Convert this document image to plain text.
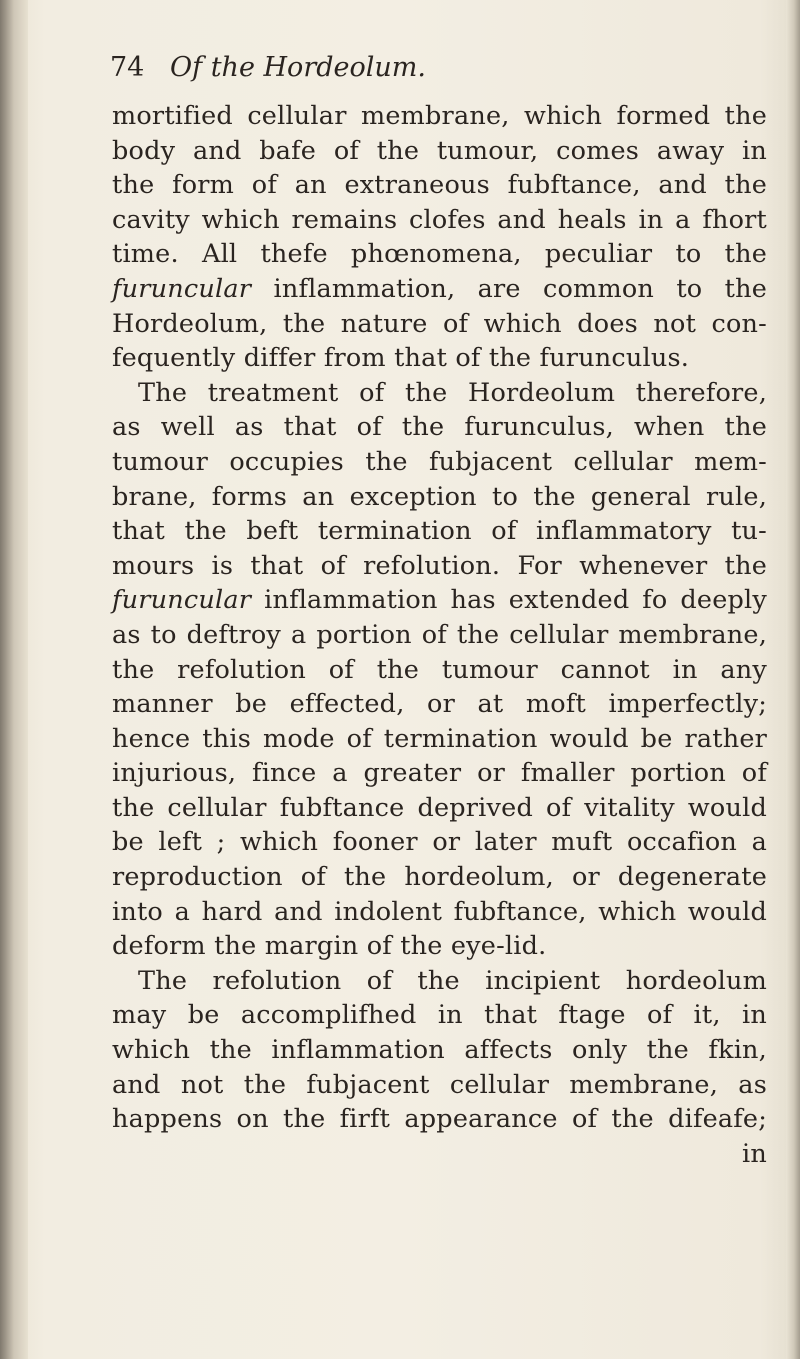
74 Of the Hordeolum.
mortified cellular membrane, which formed the
body and bafe of the tumour, comes away in
the form of an extraneous fubftance, and the
cavity which remains clofes and heals in a fhort
time. All thefe phœnomena, peculiar to the
furuncular inflammation, are common to the
Hordeolum, the nature of which does not con-
fequently differ from that of the furunculus.
The treatment of the Hordeolum therefore,
as well as that of the furunculus, when the
tumour occupies the fubjacent cellular mem-
brane, forms an exception to the general rule,
that the beft termination of inflammatory tu-
mours is that of refolution. For whenever the
furuncular inflammation has extended fo deeply
as to deftroy a portion of the cellular membrane,
the refolution of the tumour cannot in any
manner be effected, or at moft imperfectly;
hence this mode of termination would be rather
injurious, fince a greater or fmaller portion of
the cellular fubftance deprived of vitality would
be left ; which fooner or later muft occafion a
reproduction of the hordeolum, or degenerate
into a hard and indolent fubftance, which would
deform the margin of the eye-lid.
The refolution of the incipient hordeolum
may be accomplifhed in that ftage of it, in
which the inflammation affects only the fkin,
and not the fubjacent cellular membrane, as
happens on the firft appearance of the difeafe;
in
